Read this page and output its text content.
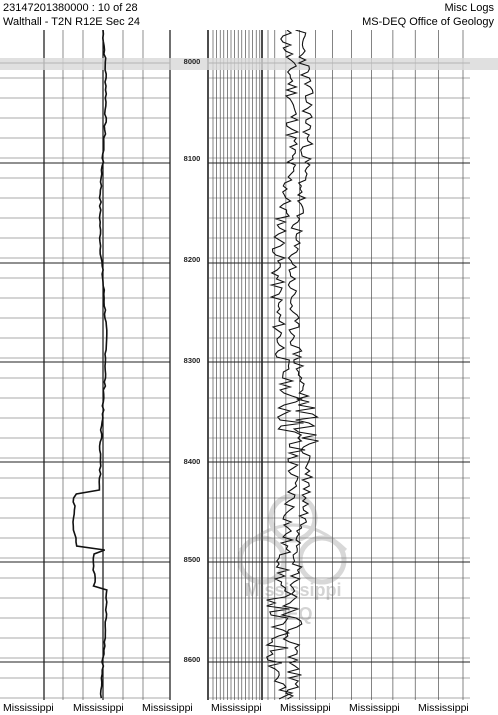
23147201380000 : 10 of 28
Walthall - T2N R12E Sec 24
Misc Logs
MS-DEQ Office of Geology
8000
8100
8200
8300
8400
8500
8600
Mississippi
DEQ
Mississippi Mississippi Mississippi Mississippi Mississippi Mississippi Mississippi
